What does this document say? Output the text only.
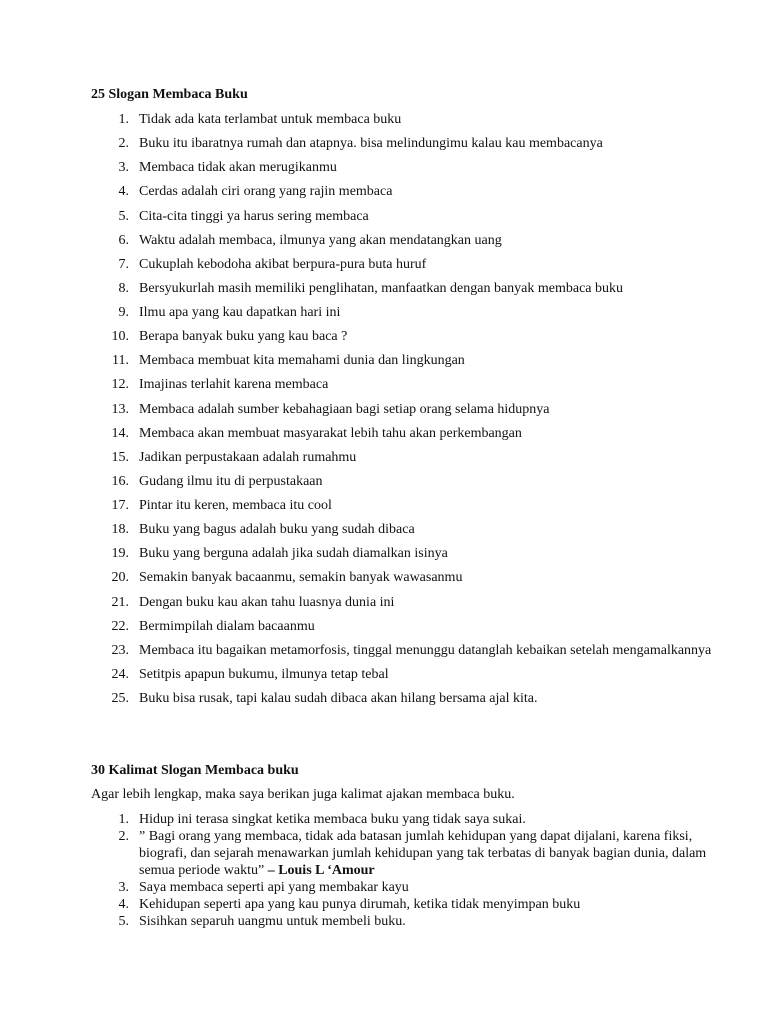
25 Slogan Membaca Buku
1. Tidak ada kata terlambat untuk membaca buku
2. Buku itu ibaratnya rumah dan atapnya. bisa melindungimu kalau kau membacanya
3. Membaca tidak akan merugikanmu
4. Cerdas adalah ciri orang yang rajin membaca
5. Cita-cita tinggi ya harus sering membaca
6. Waktu adalah membaca, ilmunya yang akan mendatangkan uang
7. Cukuplah kebodoha akibat berpura-pura buta huruf
8. Bersyukurlah masih memiliki penglihatan, manfaatkan dengan banyak membaca buku
9. Ilmu apa yang kau dapatkan hari ini
10. Berapa banyak buku yang kau baca ?
11. Membaca membuat kita memahami dunia dan lingkungan
12. Imajinas terlahit karena membaca
13. Membaca adalah sumber kebahagiaan bagi setiap orang selama hidupnya
14. Membaca akan membuat masyarakat lebih tahu akan perkembangan
15. Jadikan perpustakaan adalah rumahmu
16. Gudang ilmu itu di perpustakaan
17. Pintar itu keren, membaca itu cool
18. Buku yang bagus adalah buku yang sudah dibaca
19. Buku yang berguna adalah jika sudah diamalkan isinya
20. Semakin banyak bacaanmu, semakin banyak wawasanmu
21. Dengan buku kau akan tahu luasnya dunia ini
22. Bermimpilah dialam bacaanmu
23. Membaca itu bagaikan metamorfosis, tinggal menunggu datanglah kebaikan setelah mengamalkannya
24. Setitpis apapun bukumu, ilmunya tetap tebal
25. Buku bisa rusak, tapi kalau sudah dibaca akan hilang bersama ajal kita.
30 Kalimat Slogan Membaca buku
Agar lebih lengkap, maka saya berikan juga kalimat ajakan membaca buku.
1. Hidup ini terasa singkat ketika membaca buku yang tidak saya sukai.
2. ” Bagi orang yang membaca, tidak ada batasan jumlah kehidupan yang dapat dijalani, karena fiksi, biografi, dan sejarah menawarkan jumlah kehidupan yang tak terbatas di banyak bagian dunia, dalam semua periode waktu” – Louis L ‘Amour
3. Saya membaca seperti api yang membakar kayu
4. Kehidupan seperti apa yang kau punya dirumah, ketika tidak menyimpan buku
5. Sisihkan separuh uangmu untuk membeli buku.
